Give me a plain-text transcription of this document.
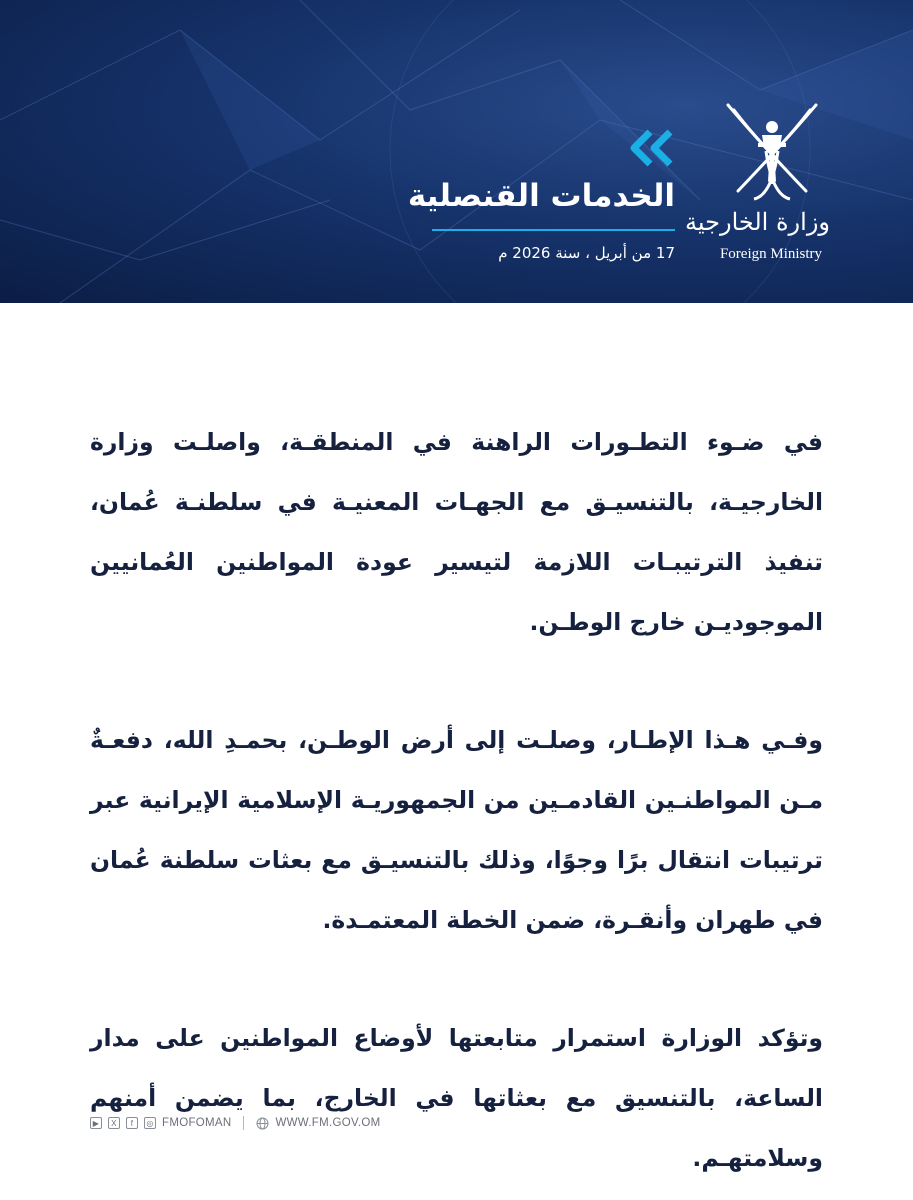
الخدمات القنصلية
17 من أبريل ، سنة 2026 م
وزارة الخارجية
Foreign Ministry

في ضـوء التطـورات الراهنة في المنطقـة، واصلـت وزارة الخارجيـة، بالتنسيـق مع الجهـات المعنيـة في سلطنـة عُمان، تنفيذ الترتيبـات اللازمة لتيسير عودة المواطنين العُمانيين الموجوديـن خارج الوطـن.

وفـي هـذا الإطـار، وصلـت إلى أرض الوطـن، بحمـدِ الله، دفعـةٌ مـن المواطنـين القادمـين من الجمهوريـة الإسلامية الإيرانية عبر ترتيبات انتقال برًا وجوًا، وذلك بالتنسيـق مع بعثات سلطنة عُمان في طهران وأنقـرة، ضمن الخطة المعتمـدة.

وتؤكد الوزارة استمرار متابعتها لأوضاع المواطنين على مدار الساعة، بالتنسيق مع بعثاتها في الخارج، بما يضمن أمنهم وسلامتهـم.

▶	X	f	◎ FMOFOMAN	WWW.FM.GOV.OM
